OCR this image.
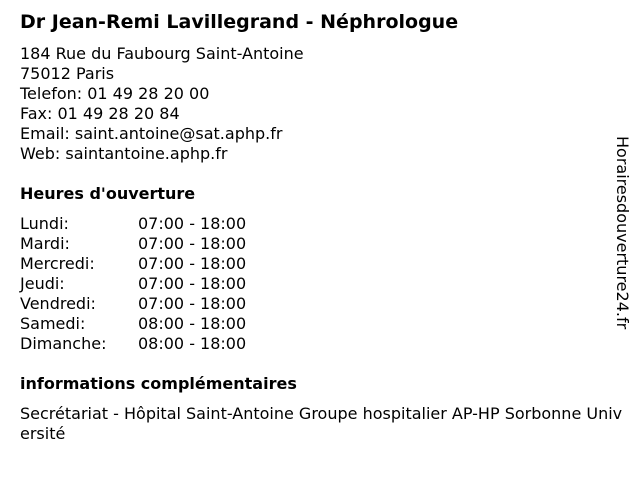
Dr Jean-Remi Lavillegrand - Néphrologue
184 Rue du Faubourg Saint-Antoine
75012 Paris
Telefon: 01 49 28 20 00
Fax: 01 49 28 20 84
Email: saint.antoine@sat.aphp.fr
Web: saintantoine.aphp.fr
Heures d'ouverture
Lundi:	07:00 - 18:00
Mardi:	07:00 - 18:00
Mercredi:	07:00 - 18:00
Jeudi:	07:00 - 18:00
Vendredi:	07:00 - 18:00
Samedi:	08:00 - 18:00
Dimanche:	08:00 - 18:00
informations complémentaires
Secrétariat - Hôpital Saint-Antoine Groupe hospitalier AP-HP Sorbonne Université
Horairesdouverture24.fr
